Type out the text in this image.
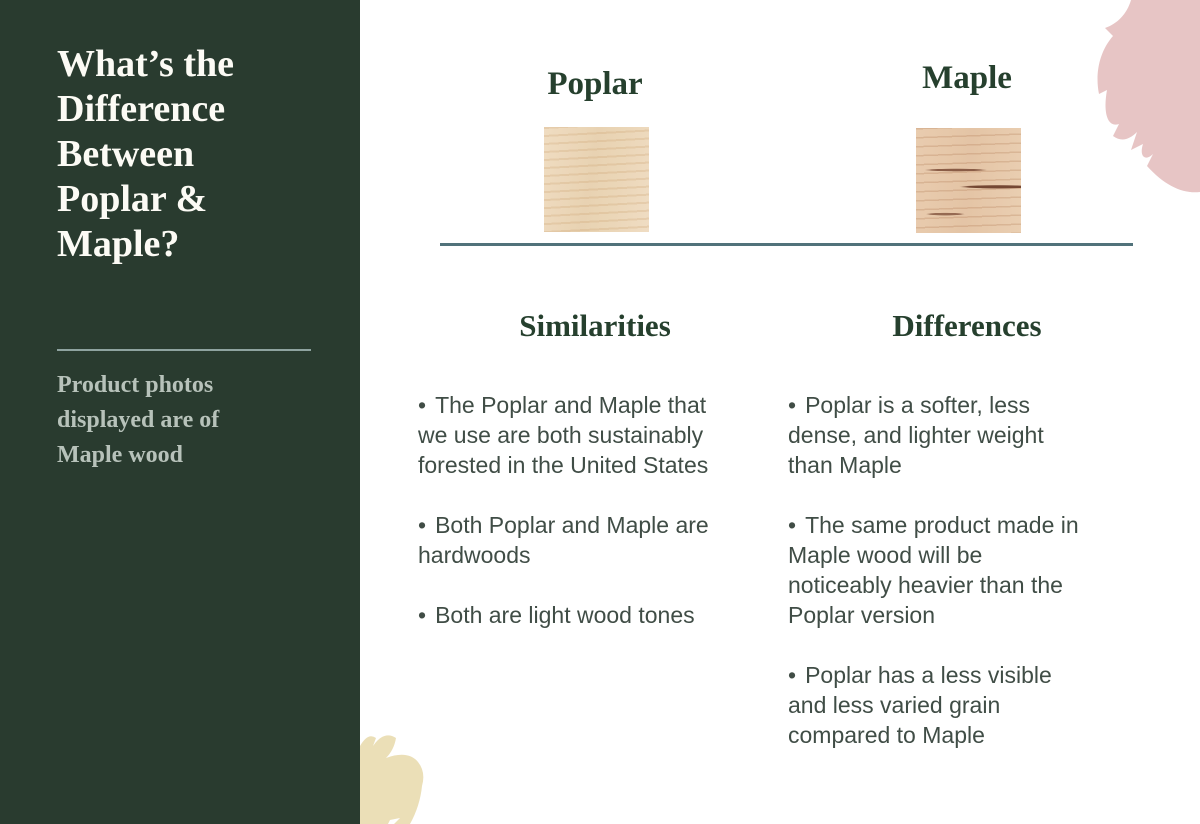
What’s the Difference Between Poplar & Maple?

Product photos displayed are of Maple wood

Poplar	Maple
Similarities	Differences

• The Poplar and Maple that we use are both sustainably forested in the United States

• Both Poplar and Maple are hardwoods

• Both are light wood tones

• Poplar is a softer, less dense, and lighter weight than Maple

• The same product made in Maple wood will be noticeably heavier than the Poplar version

• Poplar has a less visible and less varied grain compared to Maple
